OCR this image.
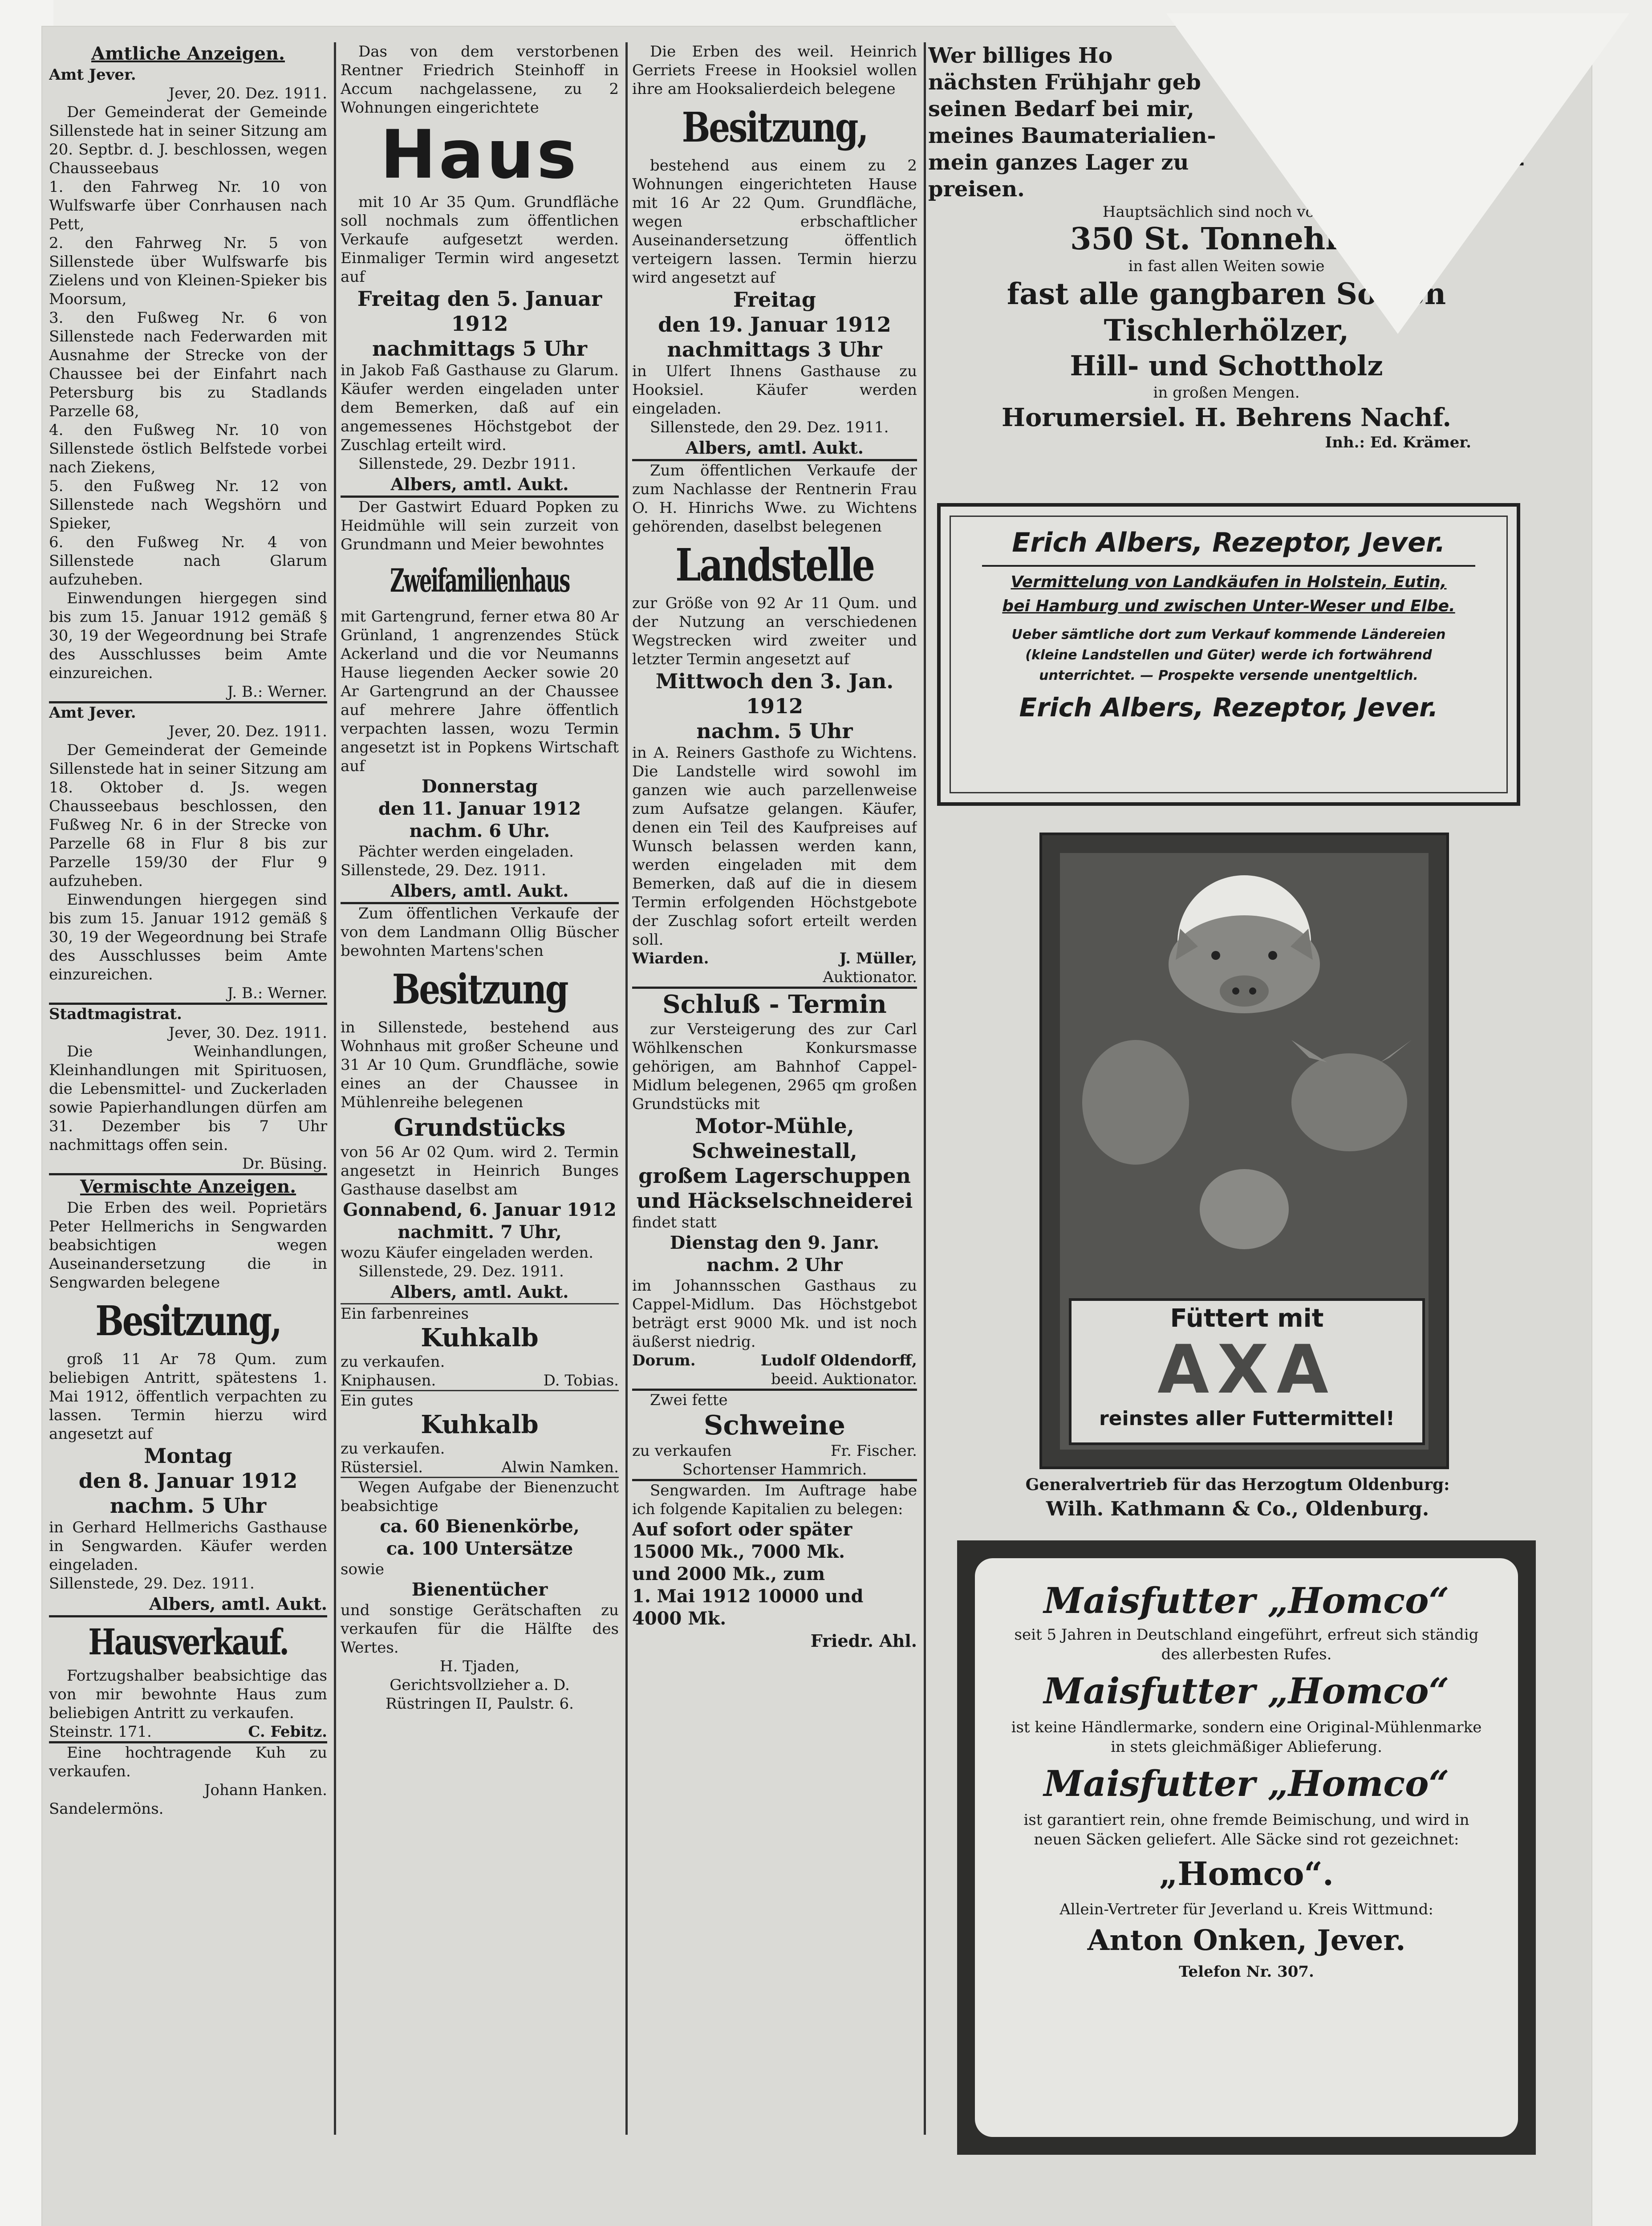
Amtliche Anzeigen.

Amt Jever.

Jever, 20. Dez. 1911.

Der Gemeinderat der Gemeinde Sillenstede hat in seiner Sitzung am 20. Septbr. d. J. beschlossen, wegen Chausseebaus

1. den Fahrweg Nr. 10 von Wulfswarfe über Conrhausen nach Pett,

2. den Fahrweg Nr. 5 von Sillenstede über Wulfswarfe bis Zielens und von Kleinen-Spieker bis Moorsum,

3. den Fußweg Nr. 6 von Sillenstede nach Federwarden mit Ausnahme der Strecke von der Chaussee bei der Einfahrt nach Petersburg bis zu Stadlands Parzelle 68,

4. den Fußweg Nr. 10 von Sillenstede östlich Belfstede vorbei nach Ziekens,

5. den Fußweg Nr. 12 von Sillenstede nach Wegshörn und Spieker,

6. den Fußweg Nr. 4 von Sillenstede nach Glarum aufzuheben.

Einwendungen hiergegen sind bis zum 15. Januar 1912 gemäß § 30, 19 der Wegeordnung bei Strafe des Ausschlusses beim Amte einzureichen.

J. B.: Werner.

Amt Jever.

Jever, 20. Dez. 1911.

Der Gemeinderat der Gemeinde Sillenstede hat in seiner Sitzung am 18. Oktober d. Js. wegen Chausseebaus beschlossen, den Fußweg Nr. 6 in der Strecke von Parzelle 68 in Flur 8 bis zur Parzelle 159/30 der Flur 9 aufzuheben.

Einwendungen hiergegen sind bis zum 15. Januar 1912 gemäß § 30, 19 der Wegeordnung bei Strafe des Ausschlusses beim Amte einzureichen.

J. B.: Werner.

Stadtmagistrat.

Jever, 30. Dez. 1911.

Die Weinhandlungen, Kleinhandlungen mit Spirituosen, die Lebensmittel- und Zuckerladen sowie Papierhandlungen dürfen am 31. Dezember bis 7 Uhr nachmittags offen sein.

Dr. Büsing.

Vermischte Anzeigen.

Die Erben des weil. Poprietärs Peter Hellmerichs in Sengwarden beabsichtigen wegen Auseinandersetzung die in Sengwarden belegene

Besitzung,

groß 11 Ar 78 Qum. zum beliebigen Antritt, spätestens 1. Mai 1912, öffentlich verpachten zu lassen. Termin hierzu wird angesetzt auf

Montag

den 8. Januar 1912

nachm. 5 Uhr

in Gerhard Hellmerichs Gasthause in Sengwarden. Käufer werden eingeladen.

Sillenstede, 29. Dez. 1911.

Albers, amtl. Aukt.

Hausverkauf.

Fortzugshalber beabsichtige das von mir bewohnte Haus zum beliebigen Antritt zu verkaufen.

Steinstr. 171.	C. Febitz.

Eine hochtragende Kuh zu verkaufen.

Johann Hanken.

Sandelermöns.

Das von dem verstorbenen Rentner Friedrich Steinhoff in Accum nachgelassene, zu 2 Wohnungen eingerichtete

Haus

mit 10 Ar 35 Qum. Grundfläche soll nochmals zum öffentlichen Verkaufe aufgesetzt werden. Einmaliger Termin wird angesetzt auf

Freitag den 5. Januar 1912

nachmittags 5 Uhr

in Jakob Faß Gasthause zu Glarum. Käufer werden eingeladen unter dem Bemerken, daß auf ein angemessenes Höchstgebot der Zuschlag erteilt wird.

Sillenstede, 29. Dezbr 1911.

Albers, amtl. Aukt.

Der Gastwirt Eduard Popken zu Heidmühle will sein zurzeit von Grundmann und Meier bewohntes

Zweifamilienhaus

mit Gartengrund, ferner etwa 80 Ar Grünland, 1 angrenzendes Stück Ackerland und die vor Neumanns Hause liegenden Aecker sowie 20 Ar Gartengrund an der Chaussee auf mehrere Jahre öffentlich verpachten lassen, wozu Termin angesetzt ist in Popkens Wirtschaft auf

Donnerstag

den 11. Januar 1912

nachm. 6 Uhr.

Pächter werden eingeladen.

Sillenstede, 29. Dez. 1911.

Albers, amtl. Aukt.

Zum öffentlichen Verkaufe der von dem Landmann Ollig Büscher bewohnten Martens'schen

Besitzung

in Sillenstede, bestehend aus Wohnhaus mit großer Scheune und 31 Ar 10 Qum. Grundfläche, sowie eines an der Chaussee in Mühlenreihe belegenen

Grundstücks

von 56 Ar 02 Qum. wird 2. Termin angesetzt in Heinrich Bunges Gasthause daselbst am

Gonnabend, 6. Januar 1912

nachmitt. 7 Uhr,

wozu Käufer eingeladen werden.

Sillenstede, 29. Dez. 1911.

Albers, amtl. Aukt.

Ein farbenreines

Kuhkalb

zu verkaufen.

Kniphausen.	D. Tobias.

Ein gutes

Kuhkalb

zu verkaufen.

Rüstersiel.	Alwin Namken.

Wegen Aufgabe der Bienenzucht beabsichtige

ca. 60 Bienenkörbe,

ca. 100 Untersätze

sowie

Bienentücher

und sonstige Gerätschaften zu verkaufen für die Hälfte des Wertes.

H. Tjaden,

Gerichtsvollzieher a. D.

Rüstringen II, Paulstr. 6.

Die Erben des weil. Heinrich Gerriets Freese in Hooksiel wollen ihre am Hooksalierdeich belegene

Besitzung,

bestehend aus einem zu 2 Wohnungen eingerichteten Hause mit 16 Ar 22 Qum. Grundfläche, wegen erbschaftlicher Auseinandersetzung öffentlich verteigern lassen. Termin hierzu wird angesetzt auf

Freitag

den 19. Januar 1912

nachmittags 3 Uhr

in Ulfert Ihnens Gasthause zu Hooksiel. Käufer werden eingeladen.

Sillenstede, den 29. Dez. 1911.

Albers, amtl. Aukt.

Zum öffentlichen Verkaufe der zum Nachlasse der Rentnerin Frau O. H. Hinrichs Wwe. zu Wichtens gehörenden, daselbst belegenen

Landstelle

zur Größe von 92 Ar 11 Qum. und der Nutzung an verschiedenen Wegstrecken wird zweiter und letzter Termin angesetzt auf

Mittwoch den 3. Jan. 1912

nachm. 5 Uhr

in A. Reiners Gasthofe zu Wichtens. Die Landstelle wird sowohl im ganzen wie auch parzellenweise zum Aufsatze gelangen. Käufer, denen ein Teil des Kaufpreises auf Wunsch belassen werden kann, werden eingeladen mit dem Bemerken, daß auf die in diesem Termin erfolgenden Höchstgebote der Zuschlag sofort erteilt werden soll.

Wiarden.	J. Müller,

Auktionator.

Schluß - Termin

zur Versteigerung des zur Carl Wöhlkenschen Konkursmasse gehörigen, am Bahnhof Cappel-Midlum belegenen, 2965 qm großen Grundstücks mit

Motor-Mühle,

Schweinestall,

großem Lagerschuppen

und Häckselschneiderei

findet statt

Dienstag den 9. Janr.

nachm. 2 Uhr

im Johannsschen Gasthaus zu Cappel-Midlum. Das Höchstgebot beträgt erst 9000 Mk. und ist noch äußerst niedrig.

Dorum.	Ludolf Oldendorff,

beeid. Auktionator.

Zwei fette

Schweine
zu verkaufen	Fr. Fischer.

Schortenser Hammrich.

Sengwarden. Im Auftrage habe ich folgende Kapitalien zu belegen:

Auf sofort oder später

15000 Mk., 7000 Mk.

und 2000 Mk., zum

1. Mai 1912 10000 und

4000 Mk.

Friedr. Ahl.

Wer billiges Ho	zum
nächsten Frühjahr geb	decke
seinen Bedarf bei mir,	usgabe
meines Baumaterialien-	kaufe ich
mein ganzes Lager zu	Einkaufs-
preisen.

Hauptsächlich sind noch vorhan

350 St. Tonnehren

in fast allen Weiten sowie

fast alle gangbaren Sorten
Tischlerhölzer,
Hill- und Schottholz

in großen Mengen.

Horumersiel. H. Behrens Nachf.

Inh.: Ed. Krämer.

Erich Albers, Rezeptor, Jever.
Vermittelung von Landkäufen in Holstein, Eutin,
bei Hamburg und zwischen Unter-Weser und Elbe.
Ueber sämtliche dort zum Verkauf kommende Ländereien
(kleine Landstellen und Güter) werde ich fortwährend
unterrichtet. — Prospekte versende unentgeltlich.
Erich Albers, Rezeptor, Jever.
Füttert mit
AXA
reinstes aller Futtermittel!
Generalvertrieb für das Herzogtum Oldenburg:
Wilh. Kathmann & Co., Oldenburg.
Maisfutter „Homco“
seit 5 Jahren in Deutschland eingeführt, erfreut sich ständig des allerbesten Rufes.
Maisfutter „Homco“
ist keine Händlermarke, sondern eine Original-Mühlenmarke in stets gleichmäßiger Ablieferung.
Maisfutter „Homco“
ist garantiert rein, ohne fremde Beimischung, und wird in neuen Säcken geliefert. Alle Säcke sind rot gezeichnet:
„Homco“.
Allein-Vertreter für Jeverland u. Kreis Wittmund:
Anton Onken, Jever.
Telefon Nr. 307.
